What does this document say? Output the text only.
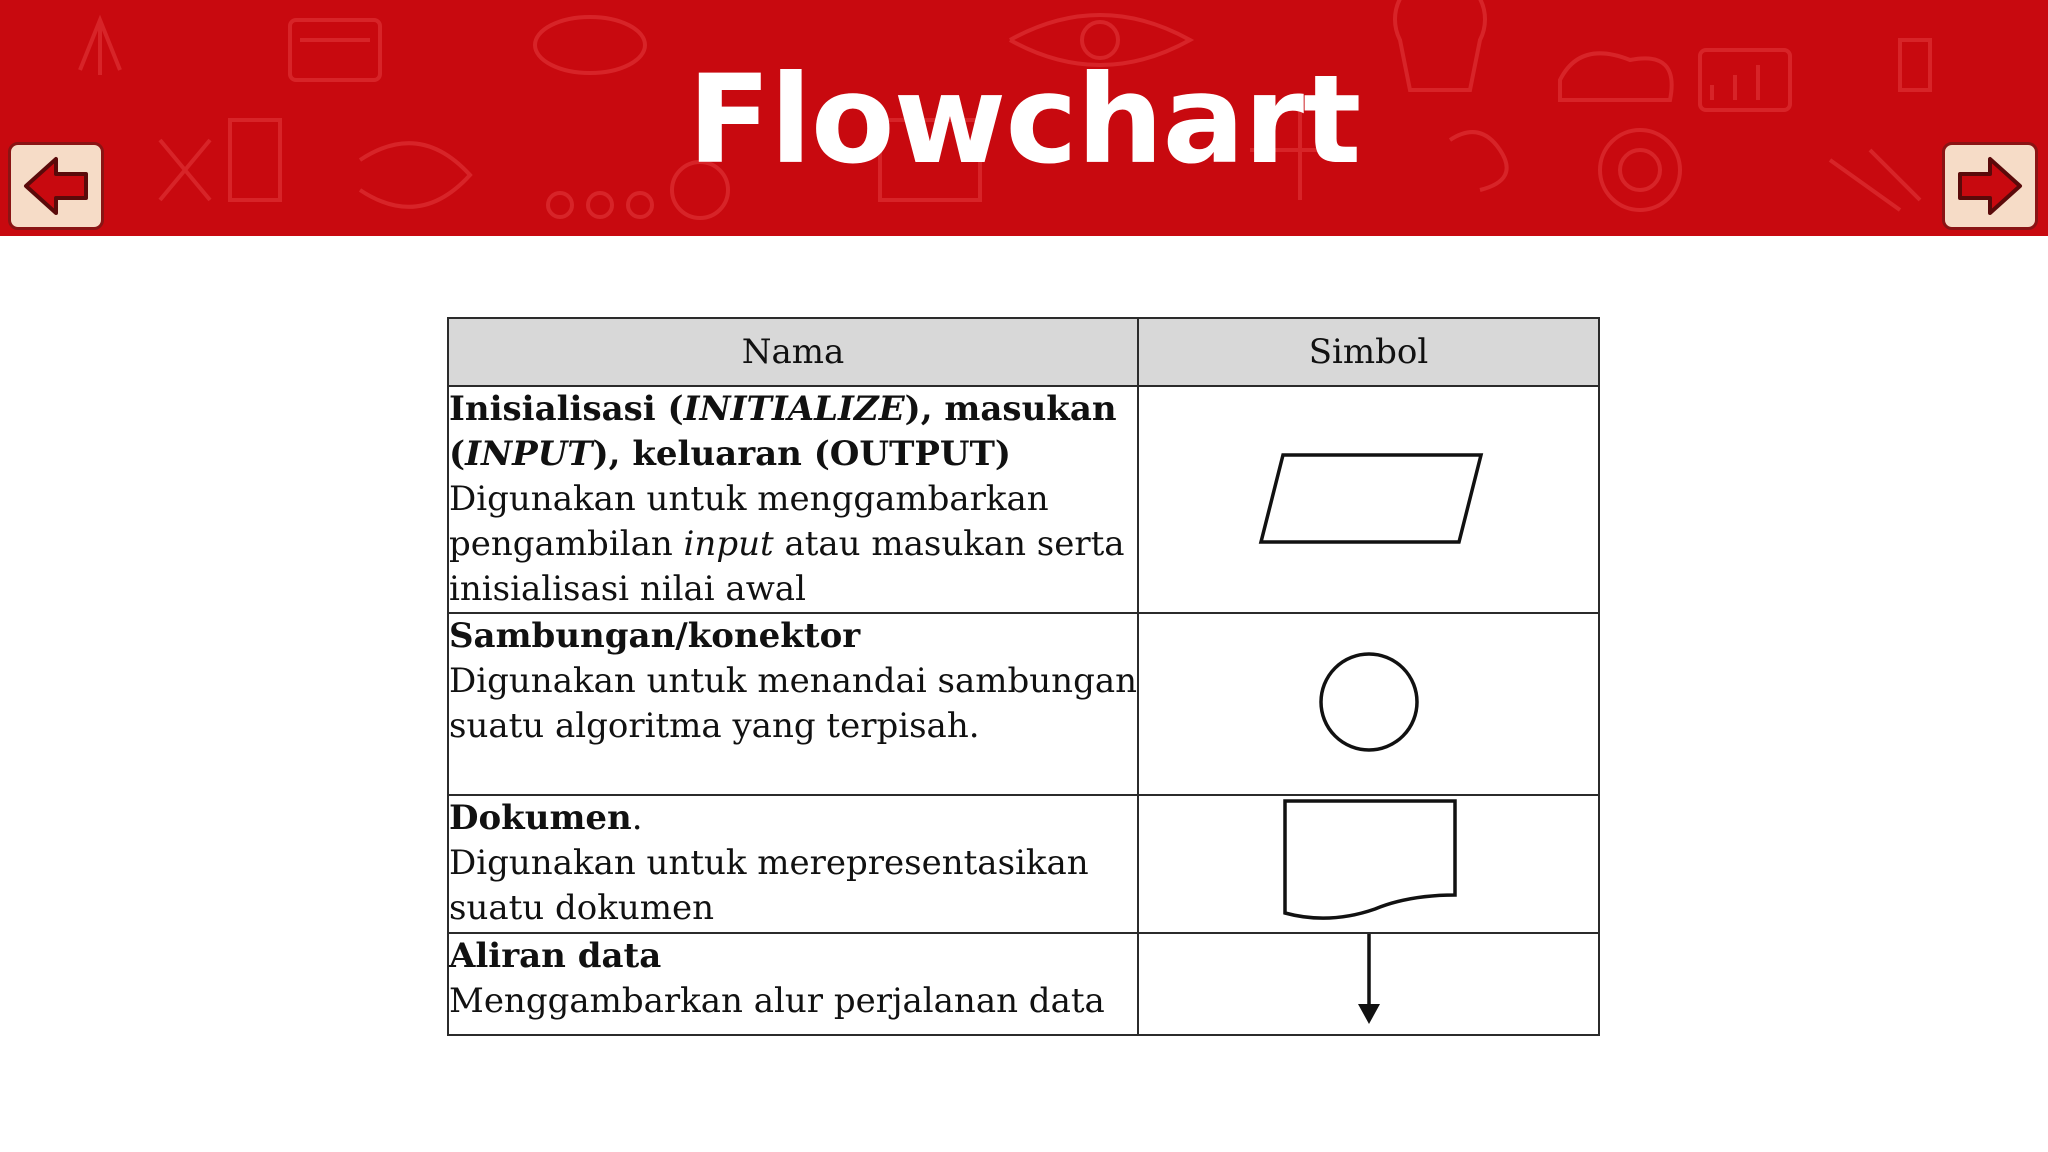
Flowchart
Nama	Simbol

Inisialisasi (INITIALIZE), masukan (INPUT), keluaran (OUTPUT)
Digunakan untuk menggambarkan pengambilan input atau masukan serta inisialisasi nilai awal

Sambungan/konektor
Digunakan untuk menandai sambungan suatu algoritma yang terpisah.

Dokumen.
Digunakan untuk merepresentasikan suatu dokumen

Aliran data
Menggambarkan alur perjalanan data
